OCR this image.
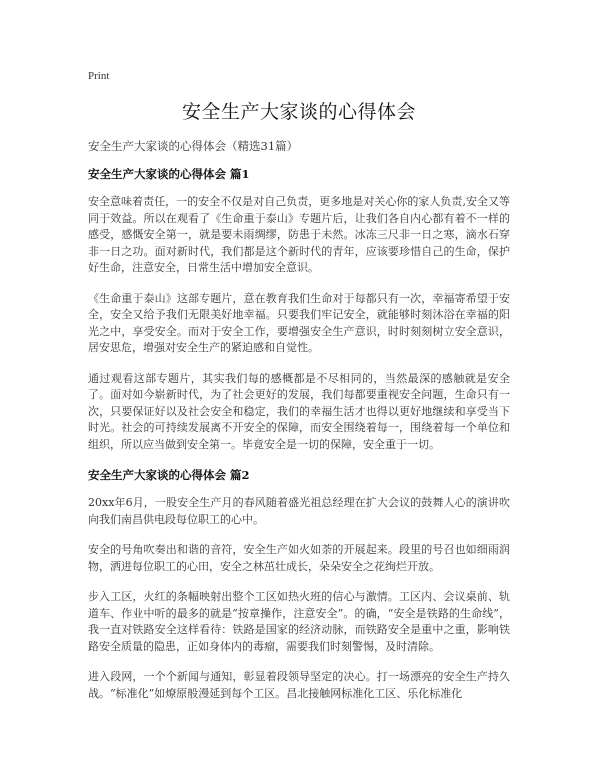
Print
安全生产大家谈的心得体会

安全生产大家谈的心得体会（精选31篇）

安全生产大家谈的心得体会 篇1

安全意味着责任，一的安全不仅是对自己负责，更多地是对关心你的家人负责,安全又等同于效益。所以在观看了《生命重于泰山》专题片后，让我们各自内心都有着不一样的感受，感慨安全第一，就是要未雨绸缪，防患于未然。冰冻三尺非一日之寒，滴水石穿非一日之功。面对新时代，我们都是这个新时代的青年，应该要珍惜自己的生命，保护好生命，注意安全，日常生活中增加安全意识。

《生命重于泰山》这部专题片，意在教育我们生命对于每都只有一次，幸福寄希望于安全，安全又给予我们无限美好地幸福。只要我们牢记安全，就能够时刻沐浴在幸福的阳光之中，享受安全。而对于安全工作，要增强安全生产意识，时时刻刻树立安全意识，居安思危，增强对安全生产的紧迫感和自觉性。

通过观看这部专题片，其实我们每的感概都是不尽相同的，当然最深的感触就是安全了。面对如今崭新时代，为了社会更好的发展，我们每都要重视安全问题，生命只有一次，只要保证好以及社会安全和稳定，我们的幸福生活才也得以更好地继续和享受当下时光。社会的可持续发展离不开安全的保障，而安全围绕着每一，围绕着每一个单位和组织，所以应当做到安全第一。毕竟安全是一切的保障，安全重于一切。

安全生产大家谈的心得体会 篇2

20xx年6月，一股安全生产月的春风随着盛光祖总经理在扩大会议的鼓舞人心的演讲吹向我们南昌供电段每位职工的心中。

安全的号角吹奏出和谐的音符，安全生产如火如荼的开展起来。段里的号召也如细雨润物，洒进每位职工的心田，安全之林茁壮成长，朵朵安全之花绚烂开放。

步入工区，火红的条幅映射出整个工区如热火班的信心与激情。工区内、会议桌前、轨道车、作业中听的最多的就是“按章操作，注意安全”。的确，“安全是铁路的生命线”，我一直对铁路安全这样看待：铁路是国家的经济动脉，而铁路安全是重中之重，影响铁路安全质量的隐患，正如身体内的毒瘤，需要我们时刻警惕，及时清除。

进入段网，一个个新闻与通知，彰显着段领导坚定的决心。打一场漂亮的安全生产持久战。“标准化”如燎原般漫延到每个工区。昌北接触网标准化工区、乐化标准化
